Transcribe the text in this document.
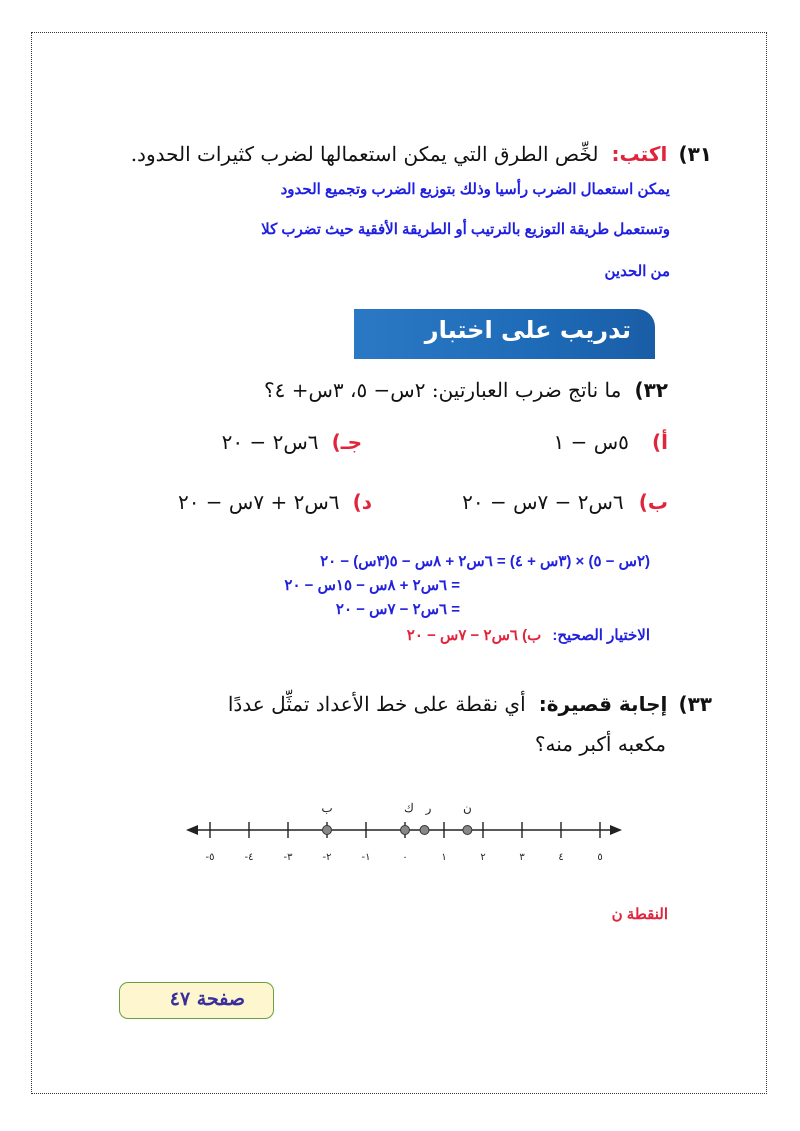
٣١) اكتب: لخِّص الطرق التي يمكن استعمالها لضرب كثيرات الحدود.
يمكن استعمال الضرب رأسيا وذلك بتوزيع الضرب وتجميع الحدود
وتستعمل طريقة التوزيع بالترتيب أو الطريقة الأفقية حيث تضرب كلا
من الحدين
تدريب على اختبار
٣٢) ما ناتج ضرب العبارتين: ٢س− ٥، ٣س+ ٤؟
أ) ٥س − ١
جـ) ٦س٢ − ٢٠
ب) ٦س٢ − ٧س − ٢٠
د) ٦س٢ + ٧س − ٢٠
(٢س − ٥) × (٣س + ٤) = ٦س٢ + ٨س − ٥(٣س) − ٢٠
= ٦س٢ + ٨س − ١٥س − ٢٠
= ٦س٢ − ٧س − ٢٠
الاختيار الصحيح: ب) ٦س٢ − ٧س − ٢٠
٣٣) إجابة قصيرة: أي نقطة على خط الأعداد تمثِّل عددًا
مكعبه أكبر منه؟
٥-	٤-	٣-	٢-	١-	٠	١	٢	٣	٤	٥
ب	ك ر	ن
النقطة ن
صفحة ٤٧
